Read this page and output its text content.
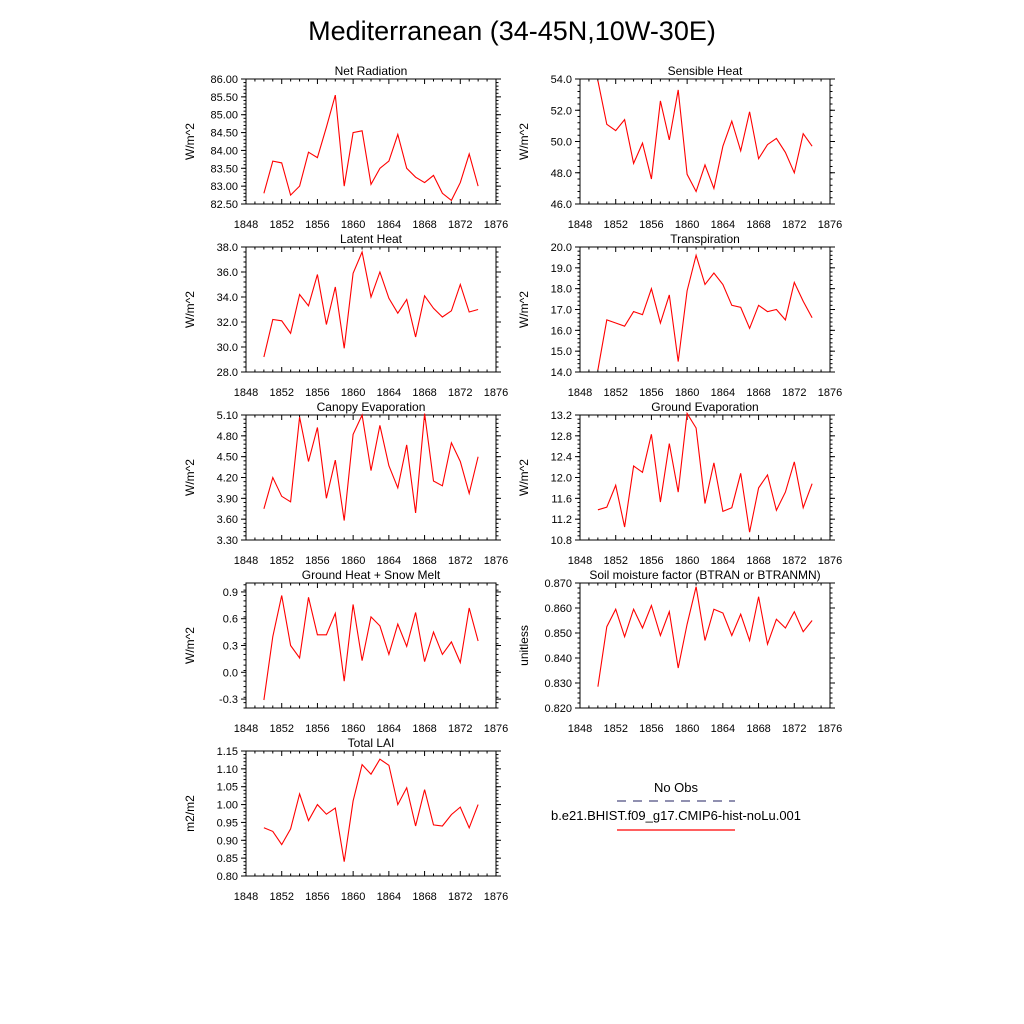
Mediterranean (34-45N,10W-30E)
Net Radiation
1848 1852 1856 1860 1864 1868 1872 1876
82.50
83.00
83.50
84.00
84.50
85.00
85.50
86.00
W/m^2
Sensible Heat
1848 1852 1856 1860 1864 1868 1872 1876
46.0
48.0
50.0
52.0
54.0
W/m^2
Latent Heat
1848 1852 1856 1860 1864 1868 1872 1876
28.0
30.0
32.0
34.0
36.0
38.0
W/m^2
Transpiration
1848 1852 1856 1860 1864 1868 1872 1876
14.0
15.0
16.0
17.0
18.0
19.0
20.0
W/m^2
Canopy Evaporation
1848 1852 1856 1860 1864 1868 1872 1876
3.30
3.60
3.90
4.20
4.50
4.80
5.10
W/m^2
Ground Evaporation
1848 1852 1856 1860 1864 1868 1872 1876
10.8
11.2
11.6
12.0
12.4
12.8
13.2
W/m^2
Ground Heat + Snow Melt
1848 1852 1856 1860 1864 1868 1872 1876
-0.3
0.0
0.3
0.6
0.9
W/m^2
Soil moisture factor (BTRAN or BTRANMN)
1848 1852 1856 1860 1864 1868 1872 1876
0.820
0.830
0.840
0.850
0.860
0.870
unitless
Total LAI
1848 1852 1856 1860 1864 1868 1872 1876
0.80
0.85
0.90
0.95
1.00
1.05
1.10
1.15
m2/m2
No Obs
b.e21.BHIST.f09_g17.CMIP6-hist-noLu.001
